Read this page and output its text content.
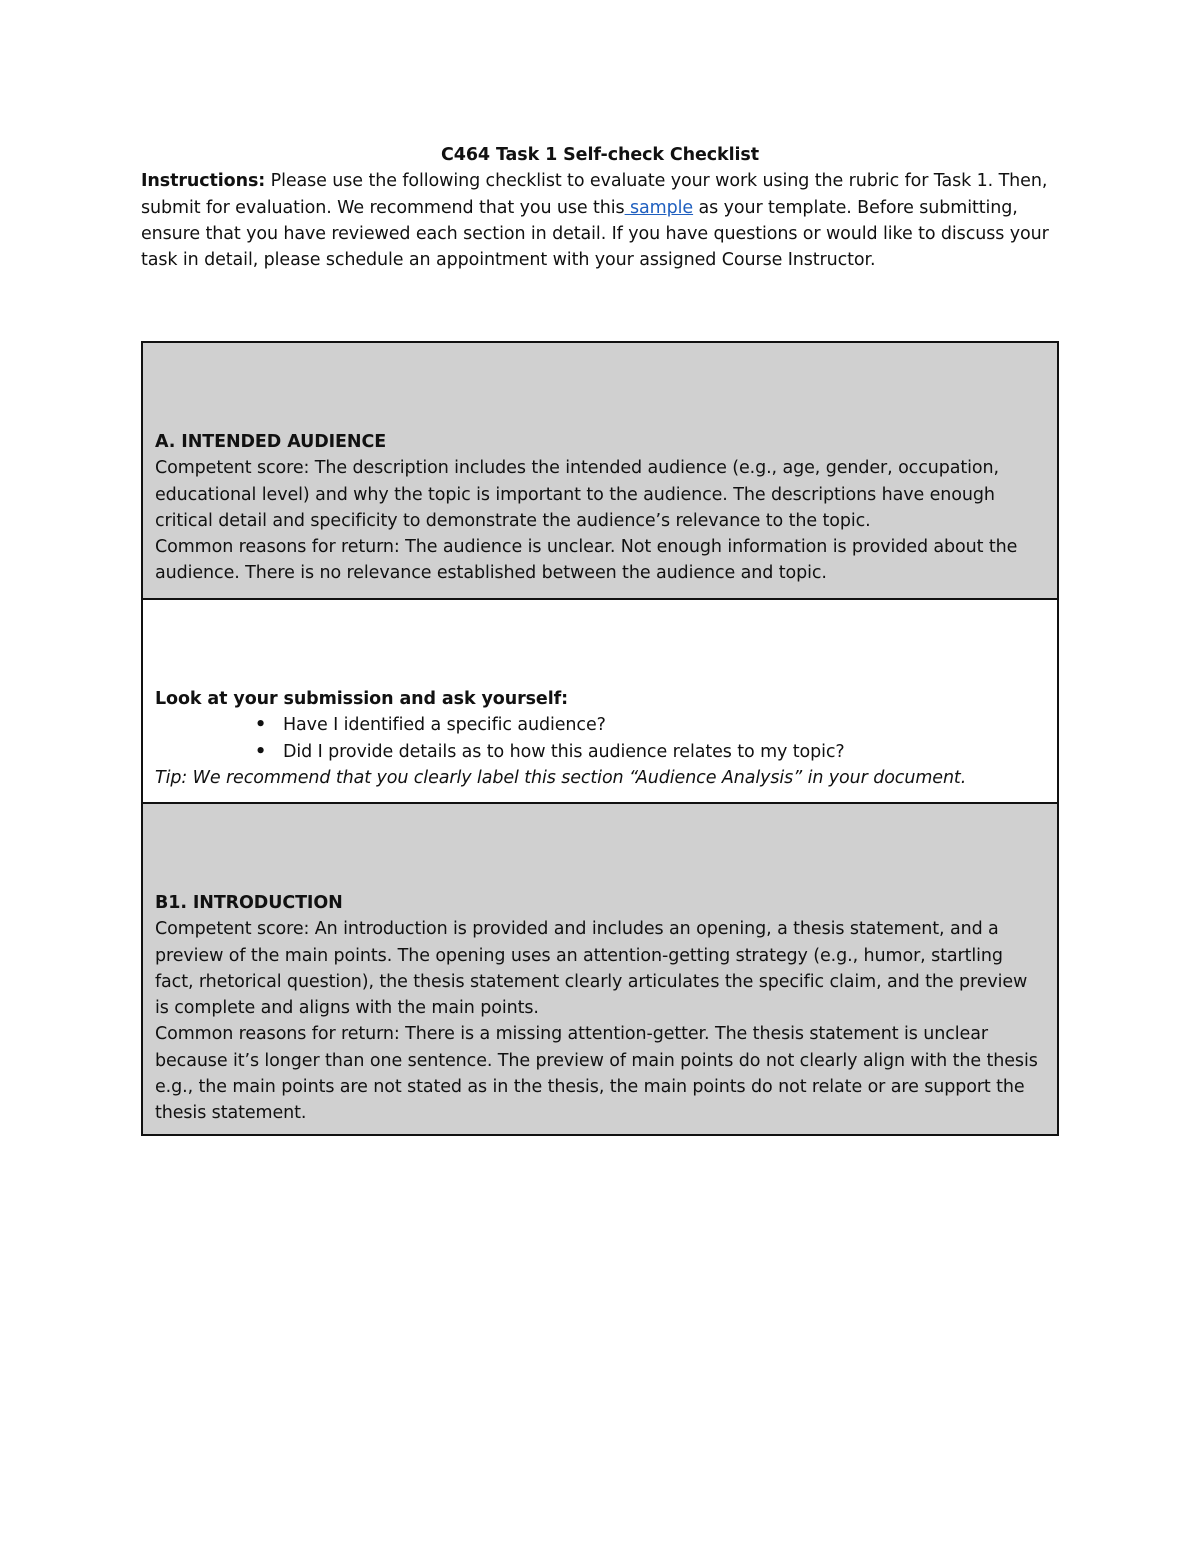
C464 Task 1 Self-check Checklist

Instructions: Please use the following checklist to evaluate your work using the rubric for Task 1. Then, submit for evaluation. We recommend that you use this sample as your template. Before submitting, ensure that you have reviewed each section in detail. If you have questions or would like to discuss your task in detail, please schedule an appointment with your assigned Course Instructor.

A. INTENDED AUDIENCE

Competent score: The description includes the intended audience (e.g., age, gender, occupation, educational level) and why the topic is important to the audience. The descriptions have enough critical detail and specificity to demonstrate the audience’s relevance to the topic.

Common reasons for return: The audience is unclear. Not enough information is provided about the audience. There is no relevance established between the audience and topic.

Look at your submission and ask yourself:

• Have I identified a specific audience?
• Did I provide details as to how this audience relates to my topic?

Tip: We recommend that you clearly label this section “Audience Analysis” in your document.

B1. INTRODUCTION

Competent score: An introduction is provided and includes an opening, a thesis statement, and a preview of the main points. The opening uses an attention-getting strategy (e.g., humor, startling fact, rhetorical question), the thesis statement clearly articulates the specific claim, and the preview is complete and aligns with the main points.

Common reasons for return: There is a missing attention-getter. The thesis statement is unclear because it’s longer than one sentence. The preview of main points do not clearly align with the thesis e.g., the main points are not stated as in the thesis, the main points do not relate or are support the thesis statement.
